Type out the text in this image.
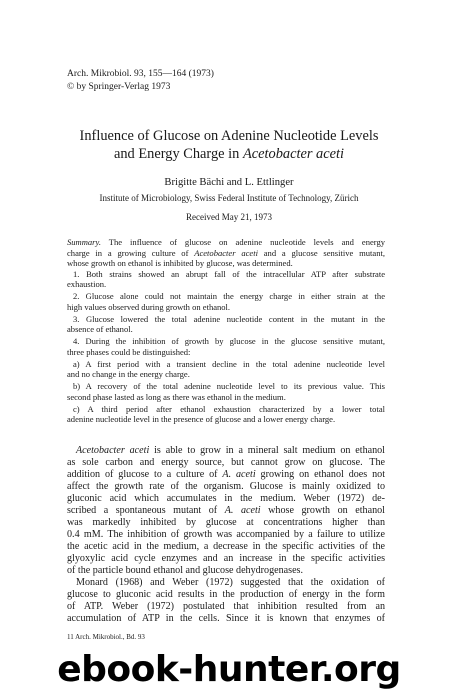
Arch. Mikrobiol. 93, 155—164 (1973)
© by Springer-Verlag 1973
Influence of Glucose on Adenine Nucleotide Levels
and Energy Charge in Acetobacter aceti
Brigitte Bächi and L. Ettlinger
Institute of Microbiology, Swiss Federal Institute of Technology, Zürich
Received May 21, 1973
Summary. The influence of glucose on adenine nucleotide levels and energy
charge in a growing culture of Acetobacter aceti and a glucose sensitive mutant,
whose growth on ethanol is inhibited by glucose, was determined.
1. Both strains showed an abrupt fall of the intracellular ATP after substrate
exhaustion.
2. Glucose alone could not maintain the energy charge in either strain at the
high values observed during growth on ethanol.
3. Glucose lowered the total adenine nucleotide content in the mutant in the
absence of ethanol.
4. During the inhibition of growth by glucose in the glucose sensitive mutant,
three phases could be distinguished:
a) A first period with a transient decline in the total adenine nucleotide level
and no change in the energy charge.
b) A recovery of the total adenine nucleotide level to its previous value. This
second phase lasted as long as there was ethanol in the medium.
c) A third period after ethanol exhaustion characterized by a lower total
adenine nucleotide level in the presence of glucose and a lower energy charge.
Acetobacter aceti is able to grow in a mineral salt medium on ethanol
as sole carbon and energy source, but cannot grow on glucose. The
addition of glucose to a culture of A. aceti growing on ethanol does not
affect the growth rate of the organism. Glucose is mainly oxidized to
gluconic acid which accumulates in the medium. Weber (1972) de-
scribed a spontaneous mutant of A. aceti whose growth on ethanol
was markedly inhibited by glucose at concentrations higher than
0.4 mM. The inhibition of growth was accompanied by a failure to utilize
the acetic acid in the medium, a decrease in the specific activities of the
glyoxylic acid cycle enzymes and an increase in the specific activities
of the particle bound ethanol and glucose dehydrogenases.
Monard (1968) and Weber (1972) suggested that the oxidation of
glucose to gluconic acid results in the production of energy in the form
of ATP. Weber (1972) postulated that inhibition resulted from an
accumulation of ATP in the cells. Since it is known that enzymes of
11 Arch. Mikrobiol., Bd. 93
ebook-hunter.org
